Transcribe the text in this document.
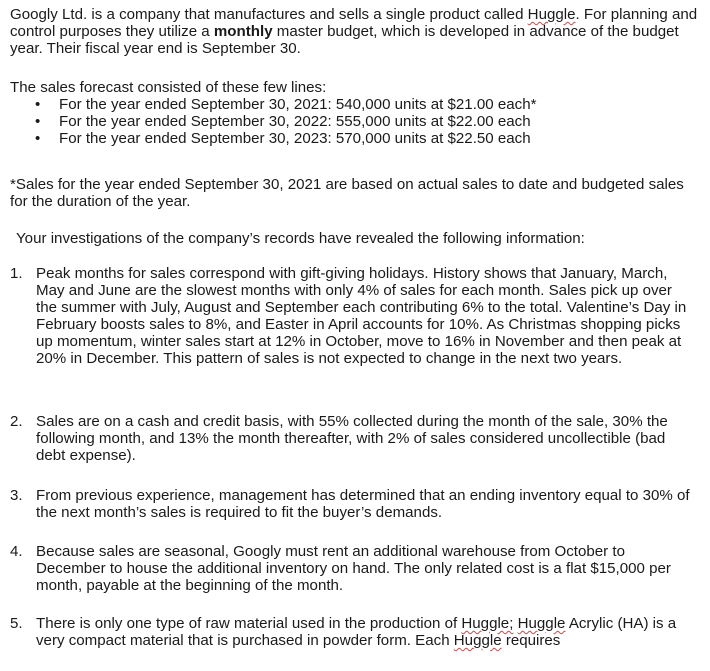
Googly Ltd. is a company that manufactures and sells a single product called Huggle. For planning and control purposes they utilize a monthly master budget, which is developed in advance of the budget year. Their fiscal year end is September 30.

The sales forecast consisted of these few lines:

• For the year ended September 30, 2021: 540,000 units at $21.00 each*
• For the year ended September 30, 2022: 555,000 units at $22.00 each
• For the year ended September 30, 2023: 570,000 units at $22.50 each

*Sales for the year ended September 30, 2021 are based on actual sales to date and budgeted sales for the duration of the year.

Your investigations of the company’s records have revealed the following information:

1. Peak months for sales correspond with gift-giving holidays. History shows that January, March, May and June are the slowest months with only 4% of sales for each month. Sales pick up over the summer with July, August and September each contributing 6% to the total. Valentine’s Day in February boosts sales to 8%, and Easter in April accounts for 10%. As Christmas shopping picks up momentum, winter sales start at 12% in October, move to 16% in November and then peak at 20% in December. This pattern of sales is not expected to change in the next two years.
2. Sales are on a cash and credit basis, with 55% collected during the month of the sale, 30% the following month, and 13% the month thereafter, with 2% of sales considered uncollectible (bad debt expense).
3. From previous experience, management has determined that an ending inventory equal to 30% of the next month’s sales is required to fit the buyer’s demands.
4. Because sales are seasonal, Googly must rent an additional warehouse from October to December to house the additional inventory on hand. The only related cost is a flat $15,000 per month, payable at the beginning of the month.
5. There is only one type of raw material used in the production of Huggle; Huggle Acrylic (HA) is a very compact material that is purchased in powder form. Each Huggle requires
